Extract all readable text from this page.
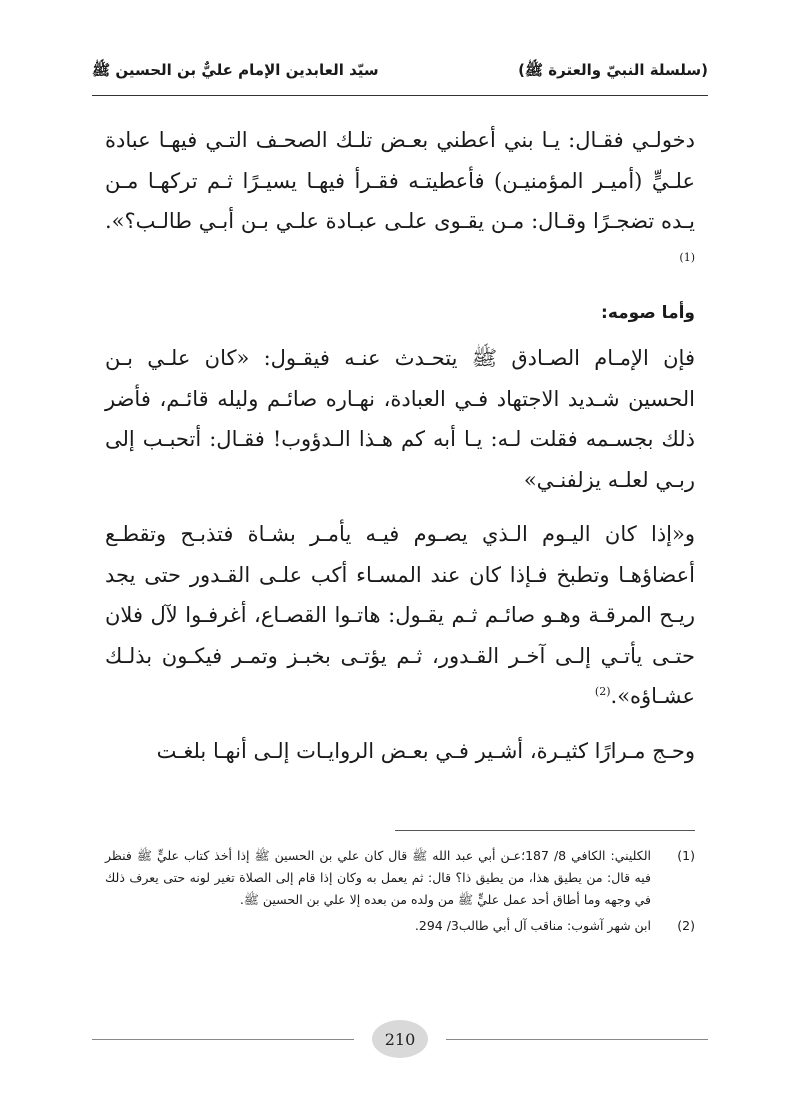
(سلسلة النبيّ والعترة ﷺ)
سيّد العابدين الإمام عليٌّ بن الحسين ﷺ

دخولـي فقـال: يـا بني أعطني بعـض تلـك الصحـف التـي فيهـا عبادة علـيٍّ (أميـر المؤمنيـن) فأعطيتـه فقـرأ فيهـا يسيـرًا ثـم تركهـا مـن يـده تضجـرًا وقـال: مـن يقـوى علـى عبـادة علـي بـن أبـي طالـب؟».$^{(1)}$

وأما صومه:

فإن الإمـام الصـادق ﷺ يتحـدث عنـه فيقـول: «كان علـي بـن الحسين شـديد الاجتهاد فـي العبادة، نهـاره صائـم وليله قائـم، فأضر ذلك بجسـمه فقلت لـه: يـا أبه كم هـذا الـدؤوب! فقـال: أتحبـب إلى ربـي لعلـه يزلفنـي»

و«إذا كان اليـوم الـذي يصـوم فيـه يأمـر بشـاة فتذبـح وتقطـع أعضاؤهـا وتطبخ فـإذا كان عند المسـاء أكب علـى القـدور حتى يجد ريـح المرقـة وهـو صائـم ثـم يقـول: هاتـوا القصـاع، أغرفـوا لآل فلان حتـى يأتـي إلـى آخـر القـدور، ثـم يؤتـى بخبـز وتمـر فيكـون بذلـك عشـاؤه».$^{(2)}$

وحـج مـرارًا كثيـرة، أشـير فـي بعـض الروايـات إلـى أنهـا بلغـت

(1)
الكليني: الكافي 8/ 187؛عـن أبي عبد الله ﷺ قال كان علي بن الحسين ﷺ إذا أخذ كتاب عليٍّ ﷺ فنظر فيه قال: من يطيق هذا، من يطيق ذا؟ قال: ثم يعمل به وكان إذا قام إلى الصلاة تغير لونه حتى يعرف ذلك في وجهه وما أطاق أحد عمل عليٍّ ﷺ من ولده من بعده إلا علي بن الحسين ﷺ.
(2)
ابن شهر آشوب: مناقب آل أبي طالب3/ 294.
210
